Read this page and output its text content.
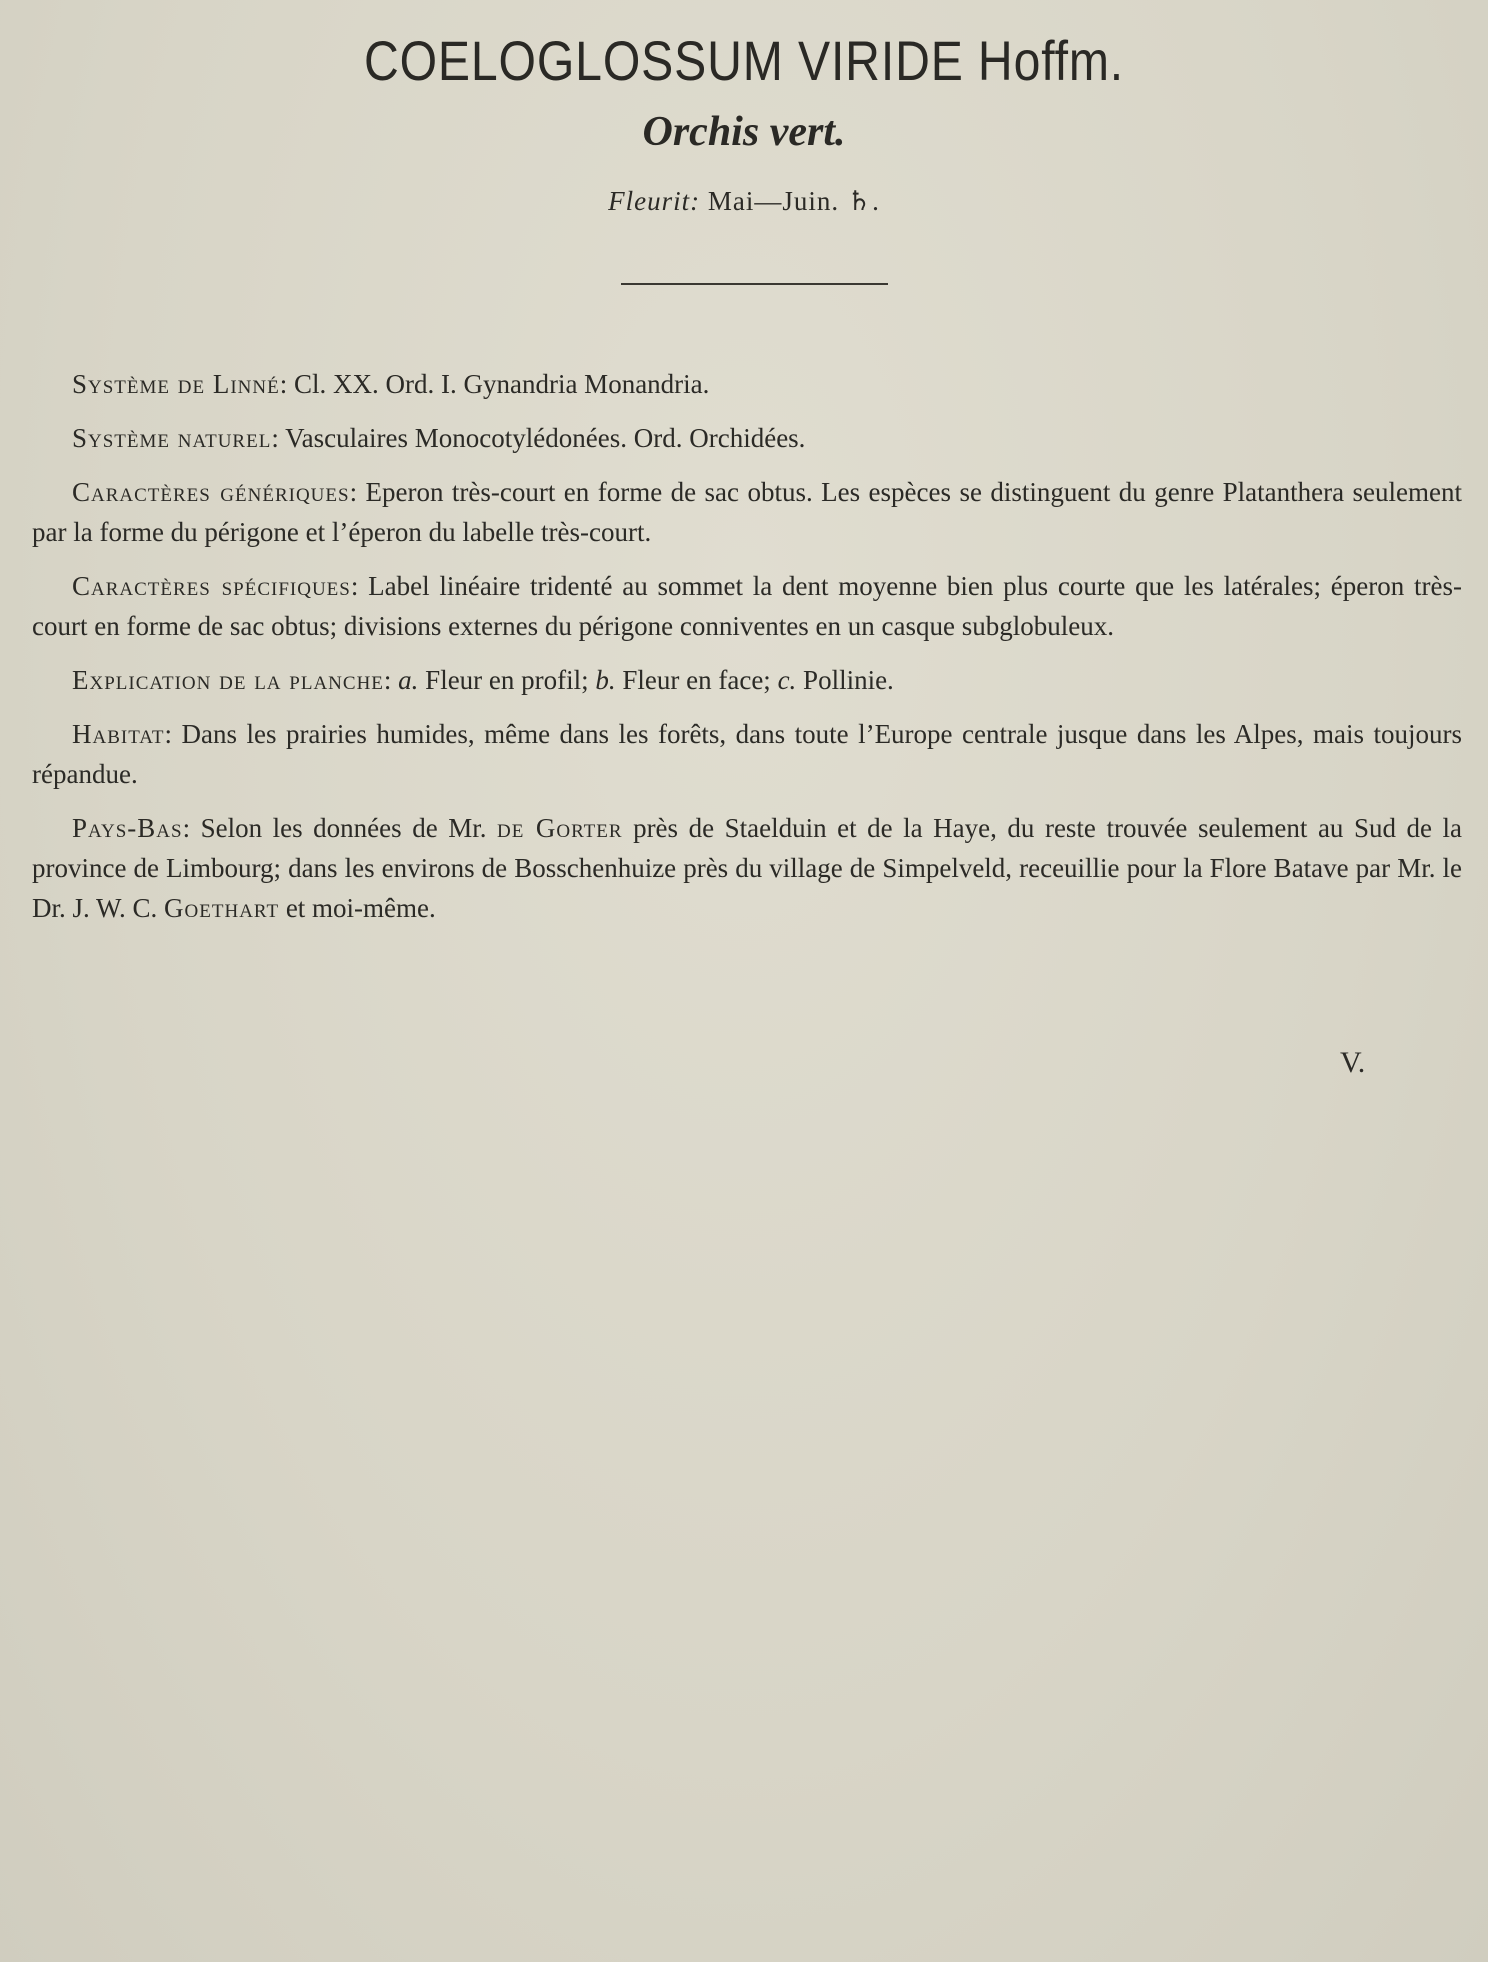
COELOGLOSSUM VIRIDE Hoffm.
Orchis vert.
Fleurit: Mai—Juin. ♄.

Système de Linné: Cl. XX. Ord. I. Gynandria Monandria.

Système naturel: Vasculaires Monocotylédonées. Ord. Orchidées.

Caractères génériques: Eperon très-court en forme de sac obtus. Les espèces se distinguent du genre Platanthera seulement par la forme du périgone et l’éperon du labelle très-court.

Caractères spécifiques: Label linéaire tridenté au sommet la dent moyenne bien plus courte que les latérales; éperon très-court en forme de sac obtus; divisions externes du périgone conniventes en un casque subglobuleux.

Explication de la planche: a. Fleur en profil; b. Fleur en face; c. Pollinie.

Habitat: Dans les prairies humides, même dans les forêts, dans toute l’Europe centrale jusque dans les Alpes, mais toujours répandue.

Pays-Bas: Selon les données de Mr. de Gorter près de Staelduin et de la Haye, du reste trouvée seulement au Sud de la province de Limbourg; dans les environs de Bosschenhuize près du village de Simpelveld, receuillie pour la Flore Batave par Mr. le Dr. J. W. C. Goethart et moi-même.

V.
